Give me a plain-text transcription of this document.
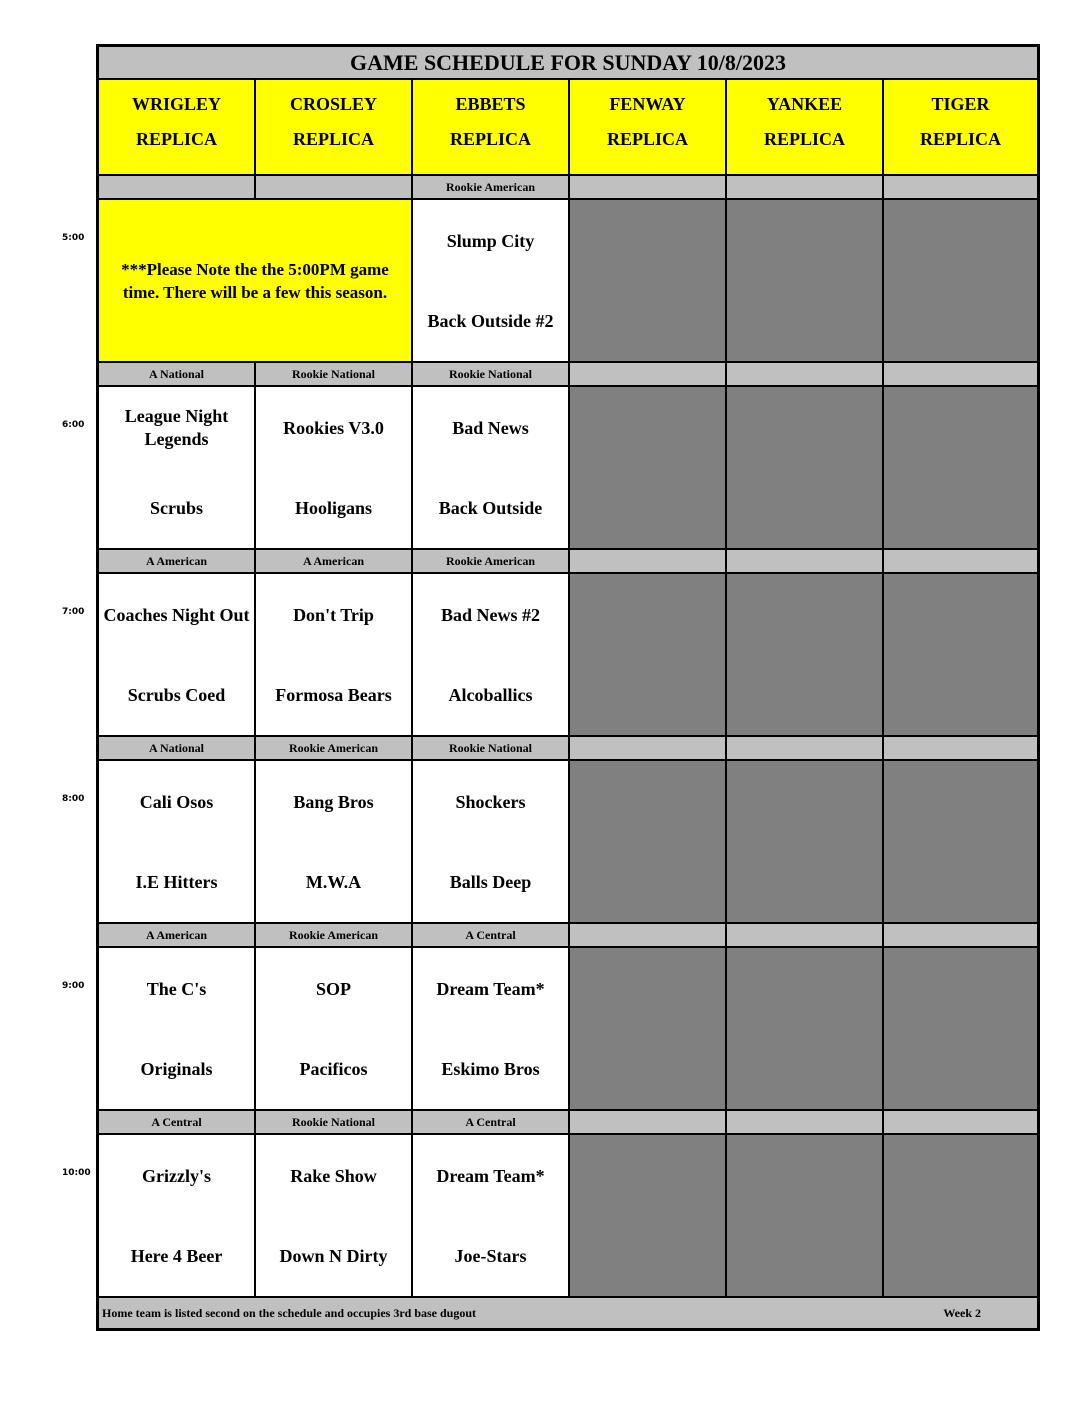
GAME SCHEDULE FOR SUNDAY 10/8/2023
WRIGLEY
REPLICA
CROSLEY
REPLICA
EBBETS
REPLICA
FENWAY
REPLICA
YANKEE
REPLICA
TIGER
REPLICA
Rookie American
Slump City
Back Outside #2
***Please Note the the 5:00PM game time. There will be a few this season.
A National
League Night Legends
Scrubs
Rookie National
Rookies V3.0
Hooligans
Rookie National
Bad News
Back Outside
A American
Coaches Night Out
Scrubs Coed
A American
Don't Trip
Formosa Bears
Rookie American
Bad News #2
Alcoballics
A National
Cali Osos
I.E Hitters
Rookie American
Bang Bros
M.W.A
Rookie National
Shockers
Balls Deep
A American
The C's
Originals
Rookie American
SOP
Pacificos
A Central
Dream Team*
Eskimo Bros
A Central
Grizzly's
Here 4 Beer
Rookie National
Rake Show
Down N Dirty
A Central
Dream Team*
Joe-Stars
Home team is listed second on the schedule and occupies 3rd base dugout	Week 2
5:00
6:00
7:00
8:00
9:00
10:00
